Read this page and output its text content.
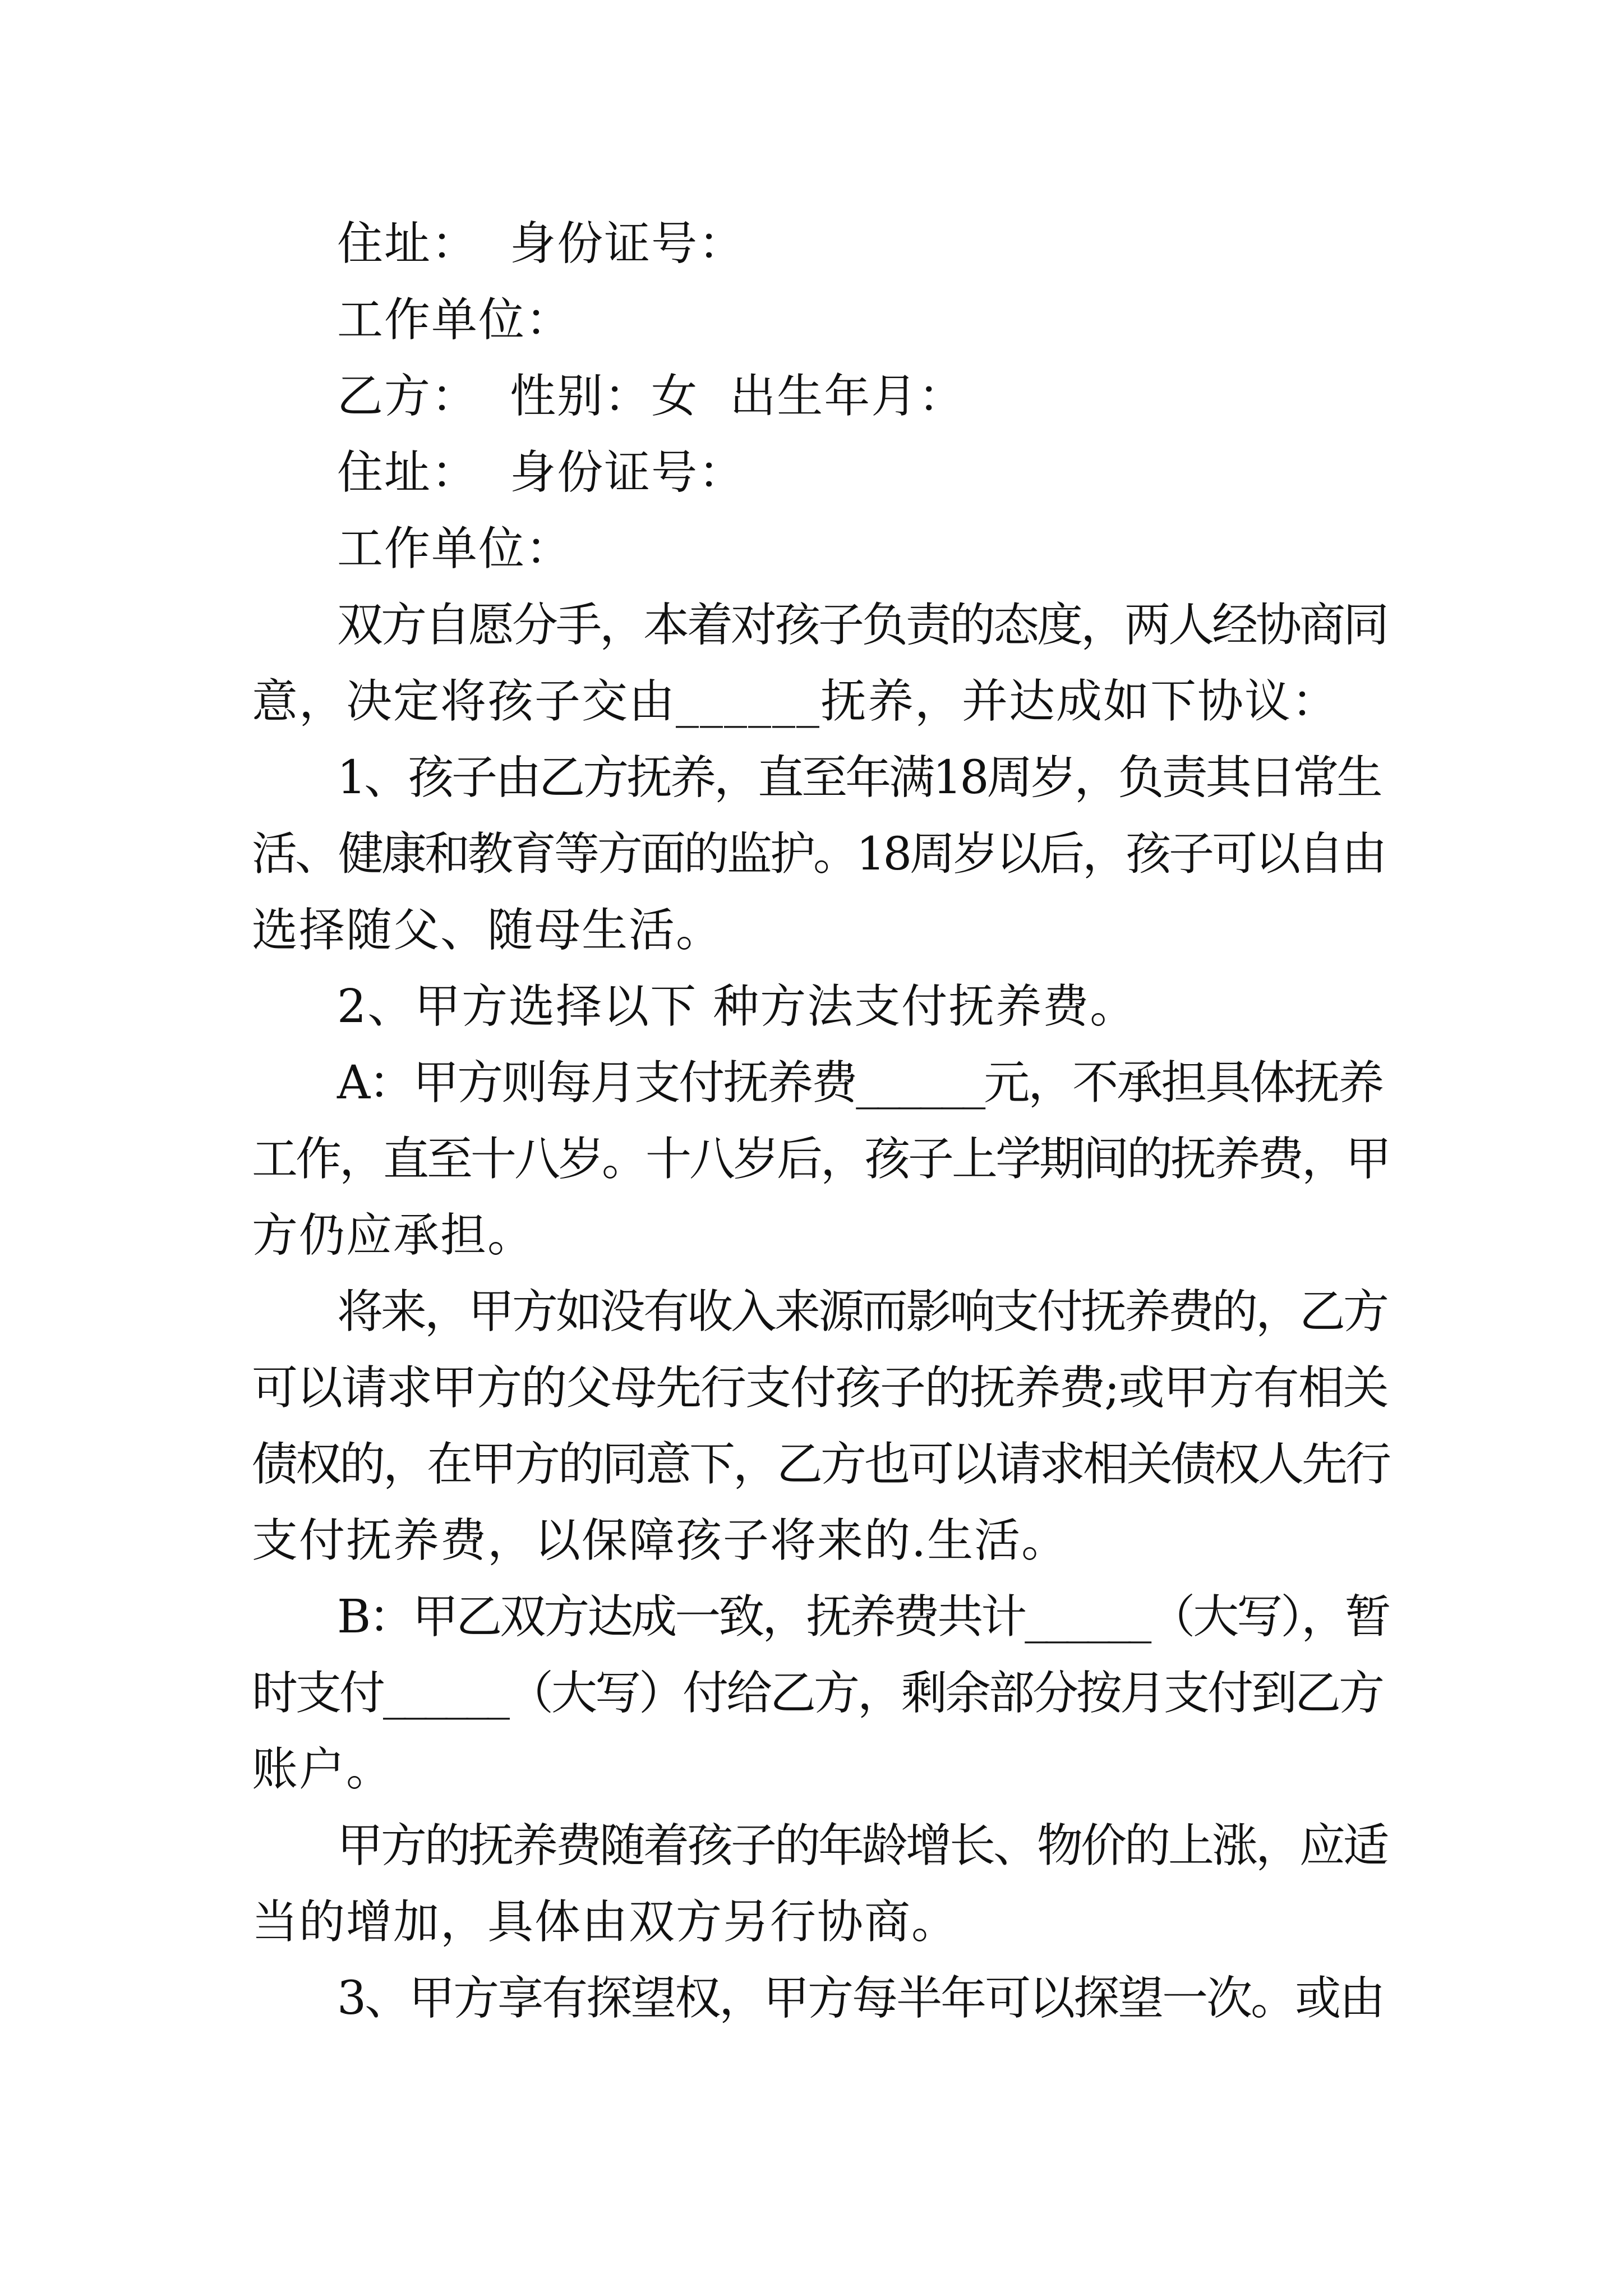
住址：  身份证号：
工作单位：
乙方：  性别：女  出生年月：
住址：  身份证号：
工作单位：
双方自愿分手，本着对孩子负责的态度，两人经协商同
意，决定将孩子交由______抚养，并达成如下协议：
1、孩子由乙方抚养，直至年满18周岁，负责其日常生
活、健康和教育等方面的监护。18周岁以后，孩子可以自由
选择随父、随母生活。
2、甲方选择以下 种方法支付抚养费。
A：甲方则每月支付抚养费______元，不承担具体抚养
工作，直至十八岁。十八岁后，孩子上学期间的抚养费，甲
方仍应承担。
将来，甲方如没有收入来源而影响支付抚养费的，乙方
可以请求甲方的父母先行支付孩子的抚养费;或甲方有相关
债权的，在甲方的同意下，乙方也可以请求相关债权人先行
支付抚养费，以保障孩子将来的.生活。
B：甲乙双方达成一致，抚养费共计______（大写），暂
时支付______（大写）付给乙方，剩余部分按月支付到乙方
账户。
甲方的抚养费随着孩子的年龄增长、物价的上涨，应适
当的增加，具体由双方另行协商。
3、甲方享有探望权，甲方每半年可以探望一次。或由
